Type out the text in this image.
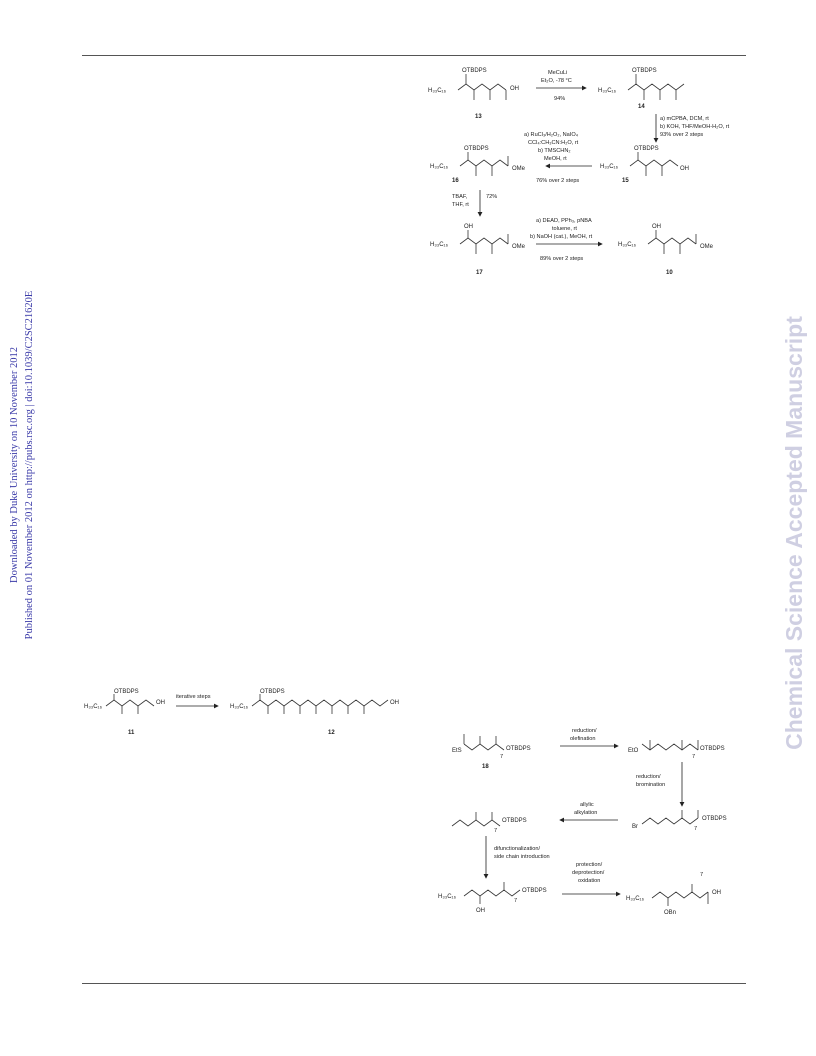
Downloaded by Duke University on 10 November 2012 Published on 01 November 2012 on http://pubs.rsc.org | doi:10.1039/C2SC21620E	Chemical Science Accepted Manuscript
H₃₃C₁₆
OTBDPS
OH
13
MeCuLi
Et₂O, -78 °C
94%
H₃₃C₁₆
OTBDPS
14
a) mCPBA, DCM, rt
b) KOH, THF/MeOH-H₂O, rt
93% over 2 steps
H₃₃C₁₆
OTBDPS
OH
15
a) RuCl₃/H₂O₂, NaIO₄
CCl₄:CH₃CN:H₂O, rt
b) TMSCHN₂
MeOH, rt
76% over 2 steps
H₃₃C₁₆
OTBDPS
OMe
16
TBAF,
THF, rt
72%
H₃₃C₁₆
OH
OMe
17
a) DEAD, PPh₃, pNBA
toluene, rt
b) NaOH (cat.), MeOH, rt
89% over 2 steps
H₃₃C₁₆
OH
OMe
10
H₃₃C₁₆
OTBDPS
OH
11
iterative steps
H₃₃C₁₆
OTBDPS
OH
12
EtS	OTBDPS
7
18
reduction/
olefination
EtO	OTBDPS
7
reduction/
bromination
Br
OTBDPS
7
allylic
alkylation
OTBDPS
7
difunctionalization/
side chain introduction
H₃₃C₁₆
OH
OTBDPS
7
protection/
deprotection/
oxidation
H₃₃C₁₆
OBn
OH
7
